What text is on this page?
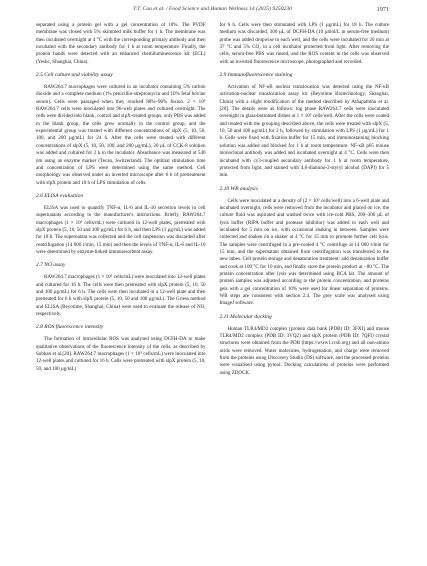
T.T. Cao et al. / Food Science and Human Wellness 14 (2025) 9250230	1971

separated using a protein gel with a gel concentration of 10%. The PVDF membrane was closed with 5% skimmed milk buffer for 1 h. The membrane was then incubated overnight at 4 °C with the corresponding primary antibody and then incubated with the secondary antibody for 1 h at room temperature. Finally, the protein bands were detected with an enhanced chemiluminescence kit (ECL) (Yeshc, Shanghai, China).

2.5 Cell culture and viability assay

RAW264.7 macrophages were cultured in an incubator containing 5% carbon dioxide and a complete medium (1% penicillin-streptomycin and 10% fetal bovine serum). Cells were passaged when they reached 80%–90% fusion. 2 × 10⁴ RAW264.7 cells were inoculated into 96-well plates and cultured overnight. The cells were divided into blank, control and slpX-treated groups, only PBS was added in the blank group, the cells grew normally in the control group, and the experimental group was treated with different concentrations of slpX (5, 10, 50, 100, and 200 μg/mL) for 24 h. After the cells were treated with different concentrations of slpX (5, 10, 50, 100, and 200 μg/mL), 20 μL of CCK-8 solution was added and cultured for 2 h in the incubator. Absorbance was measured at 540 nm using an enzyme marker (Tecan, Switzerland). The optimal stimulation time and concentration of LPS were determined using the same method. Cell morphology was observed under an inverted microscope after 6 h of pretreatment with slpX protein and 18 h of LPS stimulation of cells.

2.6 ELISA evaluation

ELISA was used to quantify TNF-α, IL-6 and IL-10 secretion levels in cell supernatants according to the manufacturer's instructions. Briefly, RAW264.7 macrophages (1 × 10⁵ cells/mL) were cultured in 12-well plates, pretreated with slpX protein (5, 10, 50 and 100 μg/mL) for 6 h, and then LPS (1 μg/mL) was added for 18 h. The supernatant was collected and the cell suspension was discarded after centrifugation (14 000 r/min, 15 min) and then the levels of TNF-α, IL-6 and IL-10 were determined by enzyme-linked immunosorbent assay.

2.7 NO assay

RAW264.7 macrophages (1 × 10⁵ cells/mL) were inoculated into 12-well plates and cultured for 16 h. The cells were then pretreated with slpX protein (5, 10, 50 and 100 μg/mL) for 6 h. The cells were then incubated in a 12-well plate and then pretreated for 6 h with slpX protein (5, 10, 50 and 100 μg/mL). The Griess method and ELISA (Beyotime, Shanghai, China) were used to evaluate the release of NO, respectively.

2.8 ROS fluorescence intensity

The formation of intracellular ROS was analysed using DCFH-DA to make qualitative observations of the fluorescence intensity of the cells, as described by Subhan et al.[20]. RAW264.7 macrophages (1 × 10⁵ cells/mL) were inoculated into 12-well plates and cultured for 16 h. Cells were pretreated with slpX protein (5, 10, 50, and 100 μg/mL)

for 6 h. Cells were then stimulated with LPS (1 μg/mL) for 18 h. The culture medium was discarded, 300 μL of DCFH-DA (10 μmol/L in serum-free medium) probe was added dropwise to each well, and the cells were incubated for 20 min at 37 °C and 5% CO₂ in a cell incubator protected from light. After removing the cells, serum-free PBS was rinsed, and the ROS content in the cells was observed with an inverted fluorescence microscope, photographed and recorded.

2.9 Immunofluorescence staining

Activation of NF-κB nuclear translocation was detected using the NF-κB activation-nuclear translocation assay kit (Beyotime Biotechnology, Shanghai, China) with a slight modification of the method described by Athapaththu et al.[20]. The details were as follows: log phase RAW264.7 cells were inoculated overnight in glass-bottomed dishes at 1 × 10⁵ cells/well. After the cells were coated and treated with the grouping described above, the cells were treated with slpX (5, 10, 50 and 100 μg/mL) for 2 h, followed by stimulation with LPS (1 μg/mL) for 1 h. Cells were fixed with fixation buffer for 15 min, and immunostaining blocking solution was added and blocked for 1 h at room temperature. NF-κB p65 mouse monoclonal antibody was added and incubated overnight at 4 °C. Cells were then incubated with cy3-coupled secondary antibody for 1 h at room temperature, protected from light, and stained with 4,6-diamino-2-styryl alcohol (DAPI) for 5 min.

2.10 WB analysis

Cells were inoculated at a density of (2 × 10⁵ cells/well) into a 6-well plate and incubated overnight, cells were removed from the incubator and placed on ice, the culture fluid was aspirated and washed twice with ice-cold PBS, 200–300 μL of lysis buffer (RIPA buffer and protease inhibitor) was added to each well and incubated for 5 min on ice, with occasional shaking in between. Samples were collected and shaken on a shaker at 4 °C for 15 min to promote further cell lysis. The samples were centrifuged in a pre-cooled 4 °C centrifuge at 14 000 r/min for 15 min, and the supernatant obtained from centrifugation was transferred to the new tubes. Cell protein storage and denaturation treatment: add denaturation buffer and cook at 100 °C for 10 min, and finally store the protein product at −80 °C. The protein concentration after lysis was determined using BCA kit. The amount of protein samples was adjusted according to the protein concentration, and proteins gels with a gel concentration of 10% were used for linear separation of proteins. WB steps are consistent with section 2.4. The grey scale was analysed using ImageJ software.

2.11 Molecular docking

Human TLR4/MD2 complex [protein data bank (PDB) ID: 3FXI] and mouse TLR4/MD2 complex (PDB ID: 3VQ2) and slpX protein (PDB ID: 7QFI) crystal structures were obtained from the PDB (https://www1.rcsb.org) and all non-amino acids were removed. Water molecules, hydrogenation, and charge were removed from the proteins using Discovery Studio (DS) software, and the processed proteins were visualised using pymol. Docking calculations of proteins were performed using ZDOCK.
